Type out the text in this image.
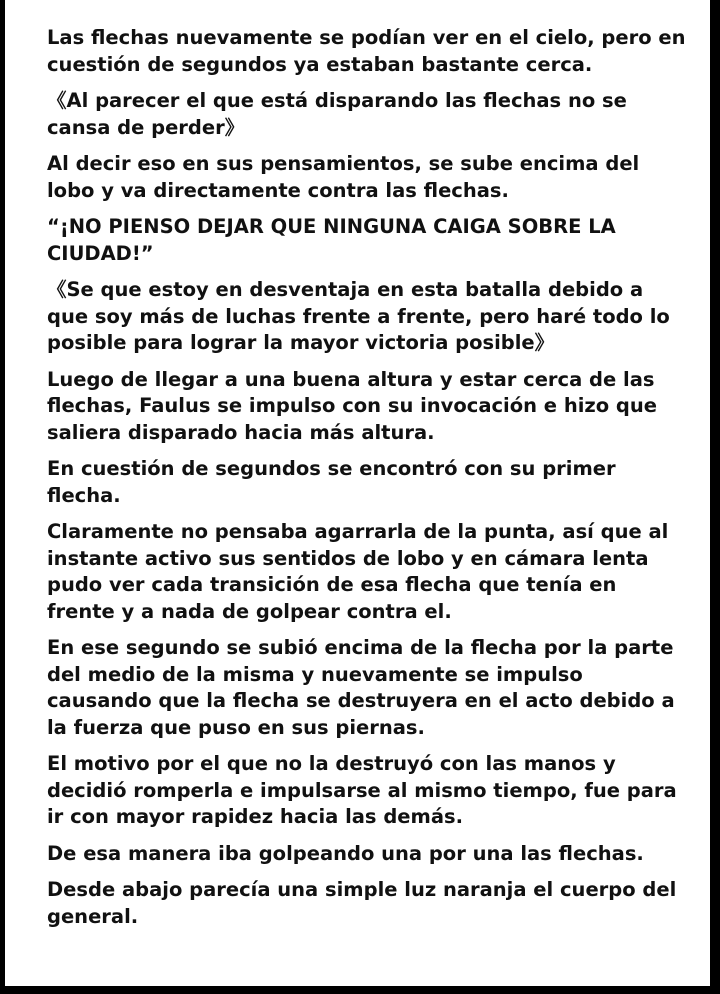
Las flechas nuevamente se podían ver en el cielo, pero en cuestión de segundos ya estaban bastante cerca.

《Al parecer el que está disparando las flechas no se cansa de perder》

Al decir eso en sus pensamientos, se sube encima del lobo y va directamente contra las flechas.

“¡NO PIENSO DEJAR QUE NINGUNA CAIGA SOBRE LA CIUDAD!”

《Se que estoy en desventaja en esta batalla debido a que soy más de luchas frente a frente, pero haré todo lo posible para lograr la mayor victoria posible》

Luego de llegar a una buena altura y estar cerca de las flechas, Faulus se impulso con su invocación e hizo que saliera disparado hacia más altura.

En cuestión de segundos se encontró con su primer flecha.

Claramente no pensaba agarrarla de la punta, así que al instante activo sus sentidos de lobo y en cámara lenta pudo ver cada transición de esa flecha que tenía en frente y a nada de golpear contra el.

En ese segundo se subió encima de la flecha por la parte del medio de la misma y nuevamente se impulso causando que la flecha se destruyera en el acto debido a la fuerza que puso en sus piernas.

El motivo por el que no la destruyó con las manos y decidió romperla e impulsarse al mismo tiempo, fue para ir con mayor rapidez hacia las demás.

De esa manera iba golpeando una por una las flechas.

Desde abajo parecía una simple luz naranja el cuerpo del general.
